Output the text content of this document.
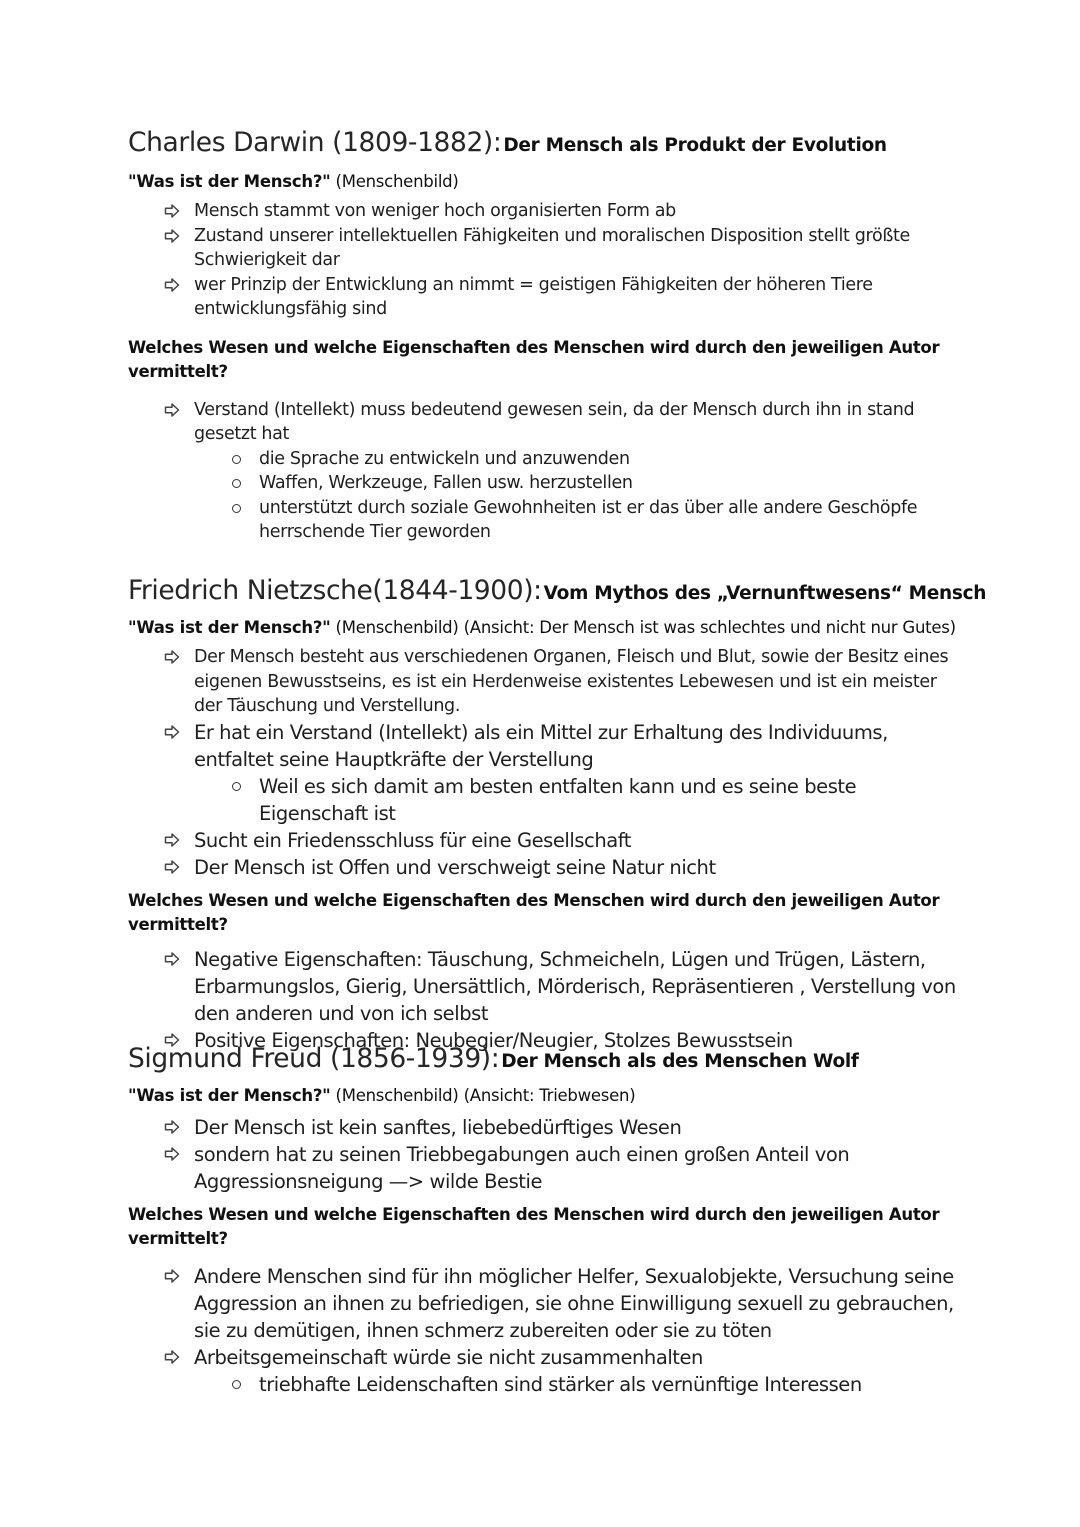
Charles Darwin (1809-1882): Der Mensch als Produkt der Evolution
"Was ist der Mensch?" (Menschenbild)
Mensch stammt von weniger hoch organisierten Form ab
Zustand unserer intellektuellen Fähigkeiten und moralischen Disposition stellt größte Schwierigkeit dar
wer Prinzip der Entwicklung an nimmt = geistigen Fähigkeiten der höheren Tiere entwicklungsfähig sind
Welches Wesen und welche Eigenschaften des Menschen wird durch den jeweiligen Autor vermittelt?
Verstand (Intellekt) muss bedeutend gewesen sein, da der Mensch durch ihn in stand gesetzt hat
die Sprache zu entwickeln und anzuwenden
Waffen, Werkzeuge, Fallen usw. herzustellen
unterstützt durch soziale Gewohnheiten ist er das über alle andere Geschöpfe herrschende Tier geworden
Friedrich Nietzsche(1844-1900): Vom Mythos des „Vernunftwesens“ Mensch
"Was ist der Mensch?" (Menschenbild) (Ansicht: Der Mensch ist was schlechtes und nicht nur Gutes)
Der Mensch besteht aus verschiedenen Organen, Fleisch und Blut, sowie der Besitz eines eigenen Bewusstseins, es ist ein Herdenweise existentes Lebewesen und ist ein meister der Täuschung und Verstellung.
Er hat ein Verstand (Intellekt) als ein Mittel zur Erhaltung des Individuums, entfaltet seine Hauptkräfte der Verstellung
Weil es sich damit am besten entfalten kann und es seine beste Eigenschaft ist
Sucht ein Friedensschluss für eine Gesellschaft
Der Mensch ist Offen und verschweigt seine Natur nicht
Welches Wesen und welche Eigenschaften des Menschen wird durch den jeweiligen Autor vermittelt?
Negative Eigenschaften: Täuschung, Schmeicheln, Lügen und Trügen, Lästern, Erbarmungslos, Gierig, Unersättlich, Mörderisch, Repräsentieren , Verstellung von den anderen und von ich selbst
Positive Eigenschaften: Neubegier/Neugier, Stolzes Bewusstsein
Sigmund Freud (1856-1939): Der Mensch als des Menschen Wolf
"Was ist der Mensch?" (Menschenbild) (Ansicht: Triebwesen)
Der Mensch ist kein sanftes, liebebedürftiges Wesen
sondern hat zu seinen Triebbegabungen auch einen großen Anteil von Aggressionsneigung —> wilde Bestie
Welches Wesen und welche Eigenschaften des Menschen wird durch den jeweiligen Autor vermittelt?
Andere Menschen sind für ihn möglicher Helfer, Sexualobjekte, Versuchung seine Aggression an ihnen zu befriedigen, sie ohne Einwilligung sexuell zu gebrauchen, sie zu demütigen, ihnen schmerz zubereiten oder sie zu töten
Arbeitsgemeinschaft würde sie nicht zusammenhalten
triebhafte Leidenschaften sind stärker als vernünftige Interessen
